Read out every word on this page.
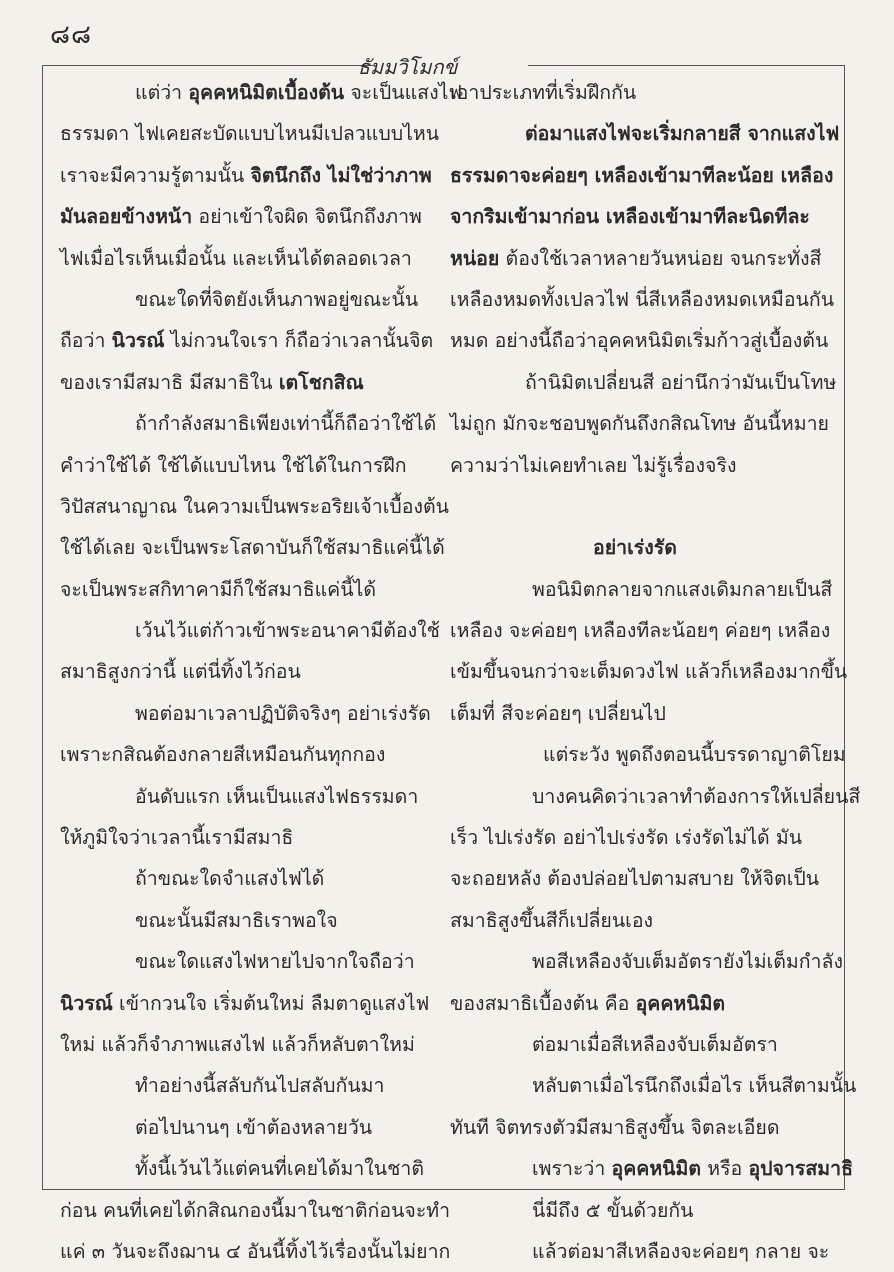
๘๘
ธัมมวิโมกข์
แต่ว่า อุคคหนิมิตเบื้องต้น จะเป็นแสงไฟ
ธรรมดา ไฟเคยสะบัดแบบไหนมีเปลวแบบไหน
เราจะมีความรู้ตามนั้น จิตนึกถึง ไม่ใช่ว่าภาพ
มันลอยข้างหน้า อย่าเข้าใจผิด จิตนึกถึงภาพ
ไฟเมื่อไรเห็นเมื่อนั้น และเห็นได้ตลอดเวลา
ขณะใดที่จิตยังเห็นภาพอยู่ขณะนั้น
ถือว่า นิวรณ์ ไม่กวนใจเรา ก็ถือว่าเวลานั้นจิต
ของเรามีสมาธิ มีสมาธิใน เตโชกสิณ
ถ้ากำลังสมาธิเพียงเท่านี้ก็ถือว่าใช้ได้
คำว่าใช้ได้ ใช้ได้แบบไหน ใช้ได้ในการฝึก
วิปัสสนาญาณ ในความเป็นพระอริยเจ้าเบื้องต้น
ใช้ได้เลย จะเป็นพระโสดาบันก็ใช้สมาธิแค่นี้ได้
จะเป็นพระสกิทาคามีก็ใช้สมาธิแค่นี้ได้
เว้นไว้แต่ก้าวเข้าพระอนาคามีต้องใช้
สมาธิสูงกว่านี้ แต่นี่ทิ้งไว้ก่อน
พอต่อมาเวลาปฏิบัติจริงๆ อย่าเร่งรัด
เพราะกสิณต้องกลายสีเหมือนกันทุกกอง
อันดับแรก เห็นเป็นแสงไฟธรรมดา
ให้ภูมิใจว่าเวลานี้เรามีสมาธิ
ถ้าขณะใดจำแสงไฟได้
ขณะนั้นมีสมาธิเราพอใจ
ขณะใดแสงไฟหายไปจากใจถือว่า
นิวรณ์ เข้ากวนใจ เริ่มต้นใหม่ ลืมตาดูแสงไฟ
ใหม่ แล้วก็จำภาพแสงไฟ แล้วก็หลับตาใหม่
ทำอย่างนี้สลับกันไปสลับกันมา
ต่อไปนานๆ เข้าต้องหลายวัน
ทั้งนี้เว้นไว้แต่คนที่เคยได้มาในชาติ
ก่อน คนที่เคยได้กสิณกองนี้มาในชาติก่อนจะทำ
แค่ ๓ วันจะถึงฌาน ๔ อันนี้ทิ้งไว้เรื่องนั้นไม่ยาก
เอาประเภทที่เริ่มฝึกกัน
ต่อมาแสงไฟจะเริ่มกลายสี จากแสงไฟ
ธรรมดาจะค่อยๆ เหลืองเข้ามาทีละน้อย เหลือง
จากริมเข้ามาก่อน เหลืองเข้ามาทีละนิดทีละ
หน่อย ต้องใช้เวลาหลายวันหน่อย จนกระทั่งสี
เหลืองหมดทั้งเปลวไฟ นี่สีเหลืองหมดเหมือนกัน
หมด อย่างนี้ถือว่าอุคคหนิมิตเริ่มก้าวสู่เบื้องต้น
ถ้านิมิตเปลี่ยนสี อย่านึกว่ามันเป็นโทษ
ไม่ถูก มักจะชอบพูดกันถึงกสิณโทษ อันนี้หมาย
ความว่าไม่เคยทำเลย ไม่รู้เรื่องจริง
อย่าเร่งรัด
พอนิมิตกลายจากแสงเดิมกลายเป็นสี
เหลือง จะค่อยๆ เหลืองทีละน้อยๆ ค่อยๆ เหลือง
เข้มขึ้นจนกว่าจะเต็มดวงไฟ แล้วก็เหลืองมากขึ้น
เต็มที่ สีจะค่อยๆ เปลี่ยนไป
แต่ระวัง พูดถึงตอนนี้บรรดาญาติโยม
บางคนคิดว่าเวลาทำต้องการให้เปลี่ยนสี
เร็ว ไปเร่งรัด อย่าไปเร่งรัด เร่งรัดไม่ได้ มัน
จะถอยหลัง ต้องปล่อยไปตามสบาย ให้จิตเป็น
สมาธิสูงขึ้นสีก็เปลี่ยนเอง
พอสีเหลืองจับเต็มอัตรายังไม่เต็มกำลัง
ของสมาธิเบื้องต้น คือ อุคคหนิมิต
ต่อมาเมื่อสีเหลืองจับเต็มอัตรา
หลับตาเมื่อไรนึกถึงเมื่อไร เห็นสีตามนั้น
ทันที จิตทรงตัวมีสมาธิสูงขึ้น จิตละเอียด
เพราะว่า อุคคหนิมิต หรือ อุปจารสมาธิ
นี่มีถึง ๕ ขั้นด้วยกัน
แล้วต่อมาสีเหลืองจะค่อยๆ กลาย จะ
